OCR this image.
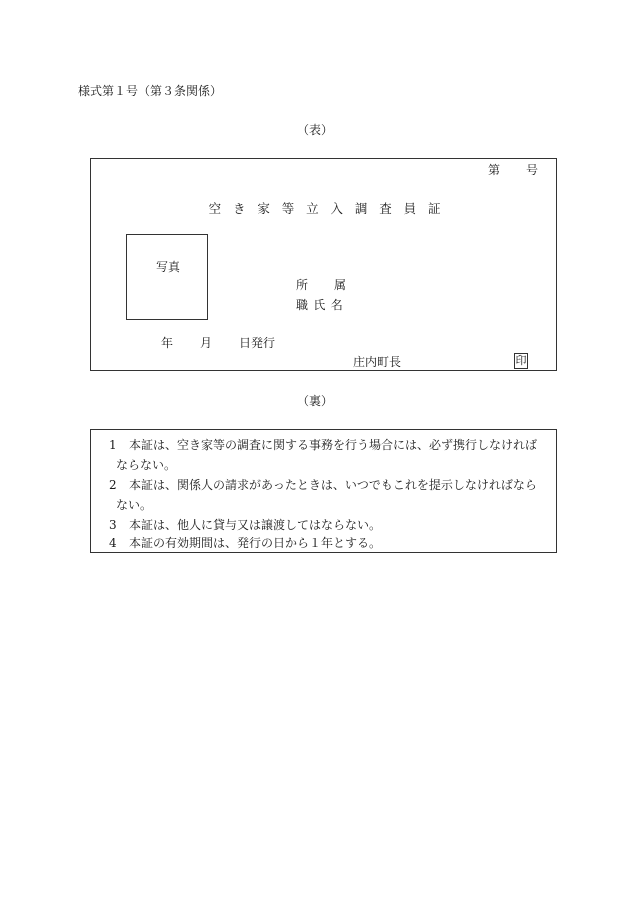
様式第１号（第３条関係）
（表）
第 号
空き家等立入調査員証
写真
所 属
職氏名
年 月 日発行
庄内町長	印
（裏）
1 本証は、空き家等の調査に関する事務を行う場合には、必ず携行しなければ
ならない。
2 本証は、関係人の請求があったときは、いつでもこれを提示しなければなら
ない。
3 本証は、他人に貸与又は譲渡してはならない。
4 本証の有効期間は、発行の日から１年とする。
